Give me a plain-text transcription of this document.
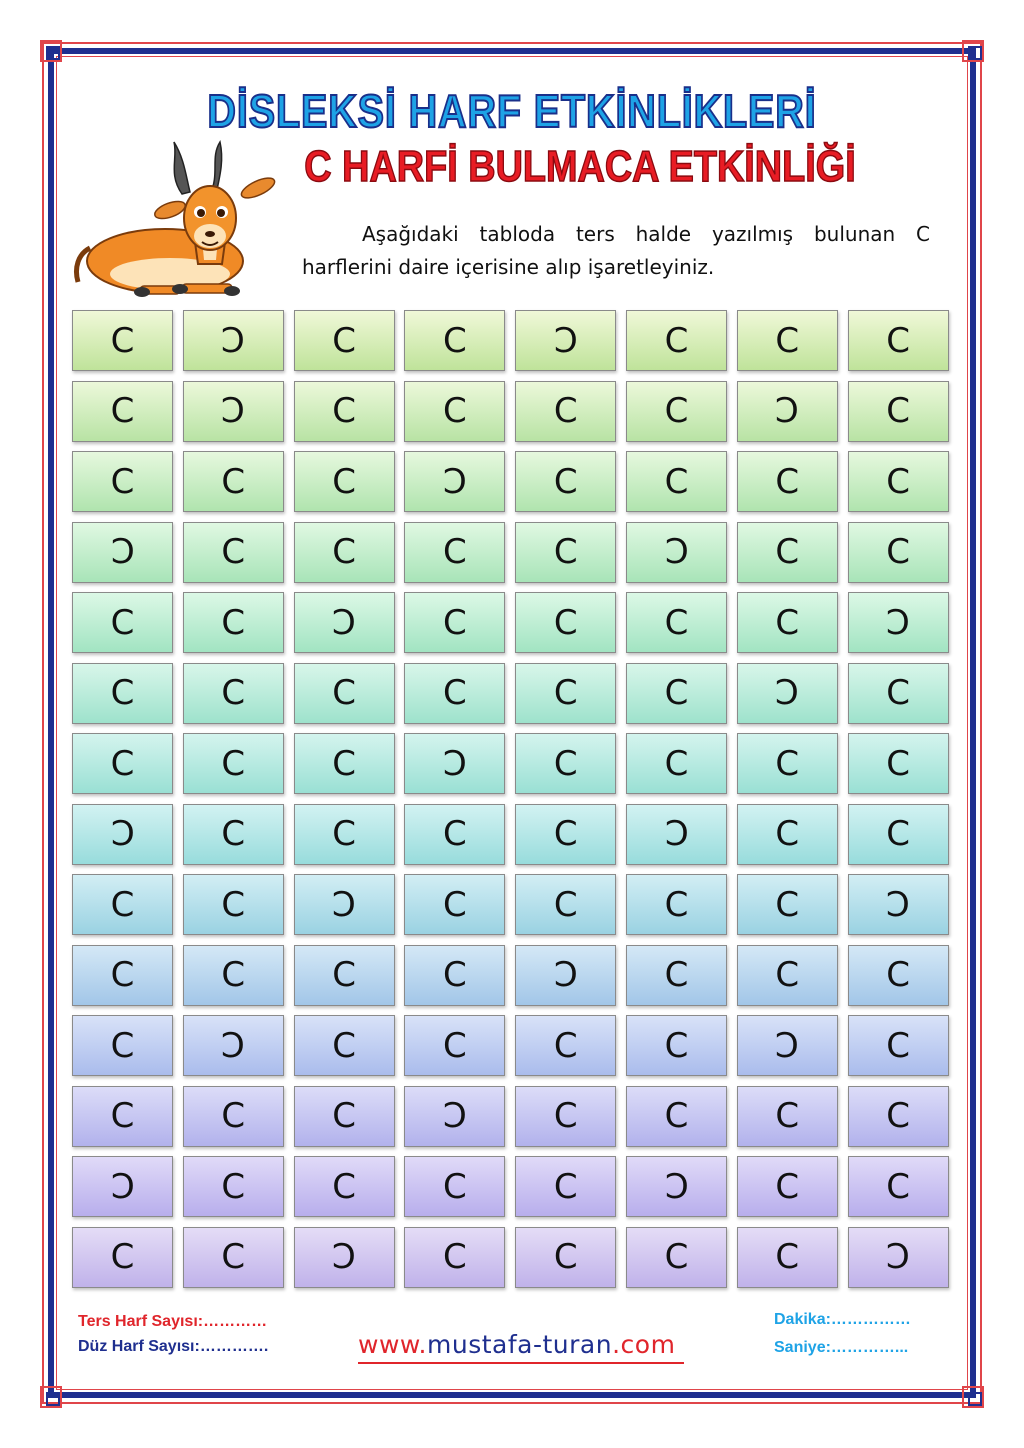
DİSLEKSİ HARF ETKİNLİKLERİ
C HARFİ BULMACA ETKİNLİĞİ
Aşağıdaki tabloda ters halde yazılmış bulunan C harflerini daire içerisine alıp işaretleyiniz.
C	C	C	C	C	C	C	C
C	C	C	C	C	C	C	C
C	C	C	C	C	C	C	C
C	C	C	C	C	C	C	C
C	C	C	C	C	C	C	C
C	C	C	C	C	C	C	C
C	C	C	C	C	C	C	C
C	C	C	C	C	C	C	C
C	C	C	C	C	C	C	C
C	C	C	C	C	C	C	C
C	C	C	C	C	C	C	C
C	C	C	C	C	C	C	C
C	C	C	C	C	C	C	C
C	C	C	C	C	C	C	C
Ters Harf Sayısı:…………
Düz Harf Sayısı:………….
Dakika:……………
Saniye:…………...
www.mustafa-turan.com
